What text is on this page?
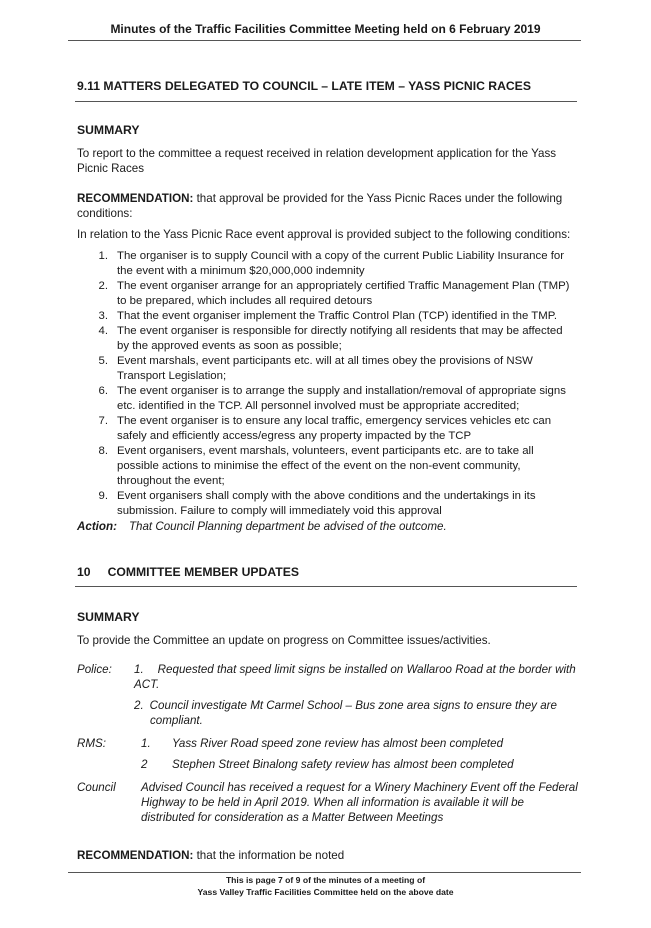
Minutes of the Traffic Facilities Committee Meeting held on 6 February 2019
9.11 MATTERS DELEGATED TO COUNCIL – LATE ITEM – YASS PICNIC RACES
SUMMARY
To report to the committee a request received in relation development application for the Yass
Picnic Races
RECOMMENDATION: that approval be provided for the Yass Picnic Races under the following
conditions:
In relation to the Yass Picnic Race event approval is provided subject to the following conditions:
1. The organiser is to supply Council with a copy of the current Public Liability Insurance for
the event with a minimum $20,000,000 indemnity
2. The event organiser arrange for an appropriately certified Traffic Management Plan (TMP)
to be prepared, which includes all required detours
3. That the event organiser implement the Traffic Control Plan (TCP) identified in the TMP.
4. The event organiser is responsible for directly notifying all residents that may be affected
by the approved events as soon as possible;
5. Event marshals, event participants etc. will at all times obey the provisions of NSW
Transport Legislation;
6. The event organiser is to arrange the supply and installation/removal of appropriate signs
etc. identified in the TCP. All personnel involved must be appropriate accredited;
7. The event organiser is to ensure any local traffic, emergency services vehicles etc can
safely and efficiently access/egress any property impacted by the TCP
8. Event organisers, event marshals, volunteers, event participants etc. are to take all
possible actions to minimise the effect of the event on the non-event community,
throughout the event;
9. Event organisers shall comply with the above conditions and the undertakings in its
submission. Failure to comply will immediately void this approval
Action: That Council Planning department be advised of the outcome.
10 COMMITTEE MEMBER UPDATES
SUMMARY
To provide the Committee an update on progress on Committee issues/activities.
Police: 1. Requested that speed limit signs be installed on Wallaroo Road at the border with
ACT.
2. Council investigate Mt Carmel School – Bus zone area signs to ensure they are
compliant.
RMS:	1. Yass River Road speed zone review has almost been completed
2 Stephen Street Binalong safety review has almost been completed
Council Advised Council has received a request for a Winery Machinery Event off the Federal
Highway to be held in April 2019. When all information is available it will be
distributed for consideration as a Matter Between Meetings
RECOMMENDATION: that the information be noted
This is page 7 of 9 of the minutes of a meeting of
Yass Valley Traffic Facilities Committee held on the above date
